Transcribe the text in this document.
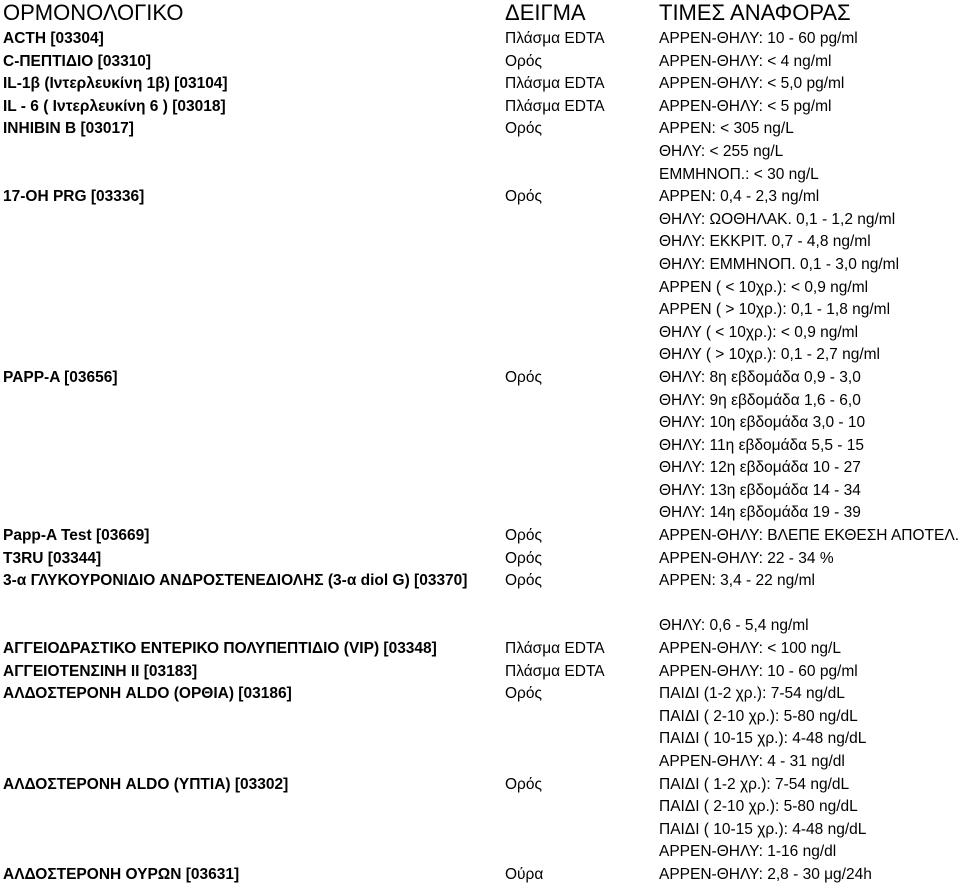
ΟΡΜΟΝΟΛΟΓΙΚΟ	ΔΕΙΓΜΑ	ΤΙΜΕΣ ΑΝΑΦΟΡΑΣ
ACTH [03304]	Πλάσμα EDTA	ΑΡΡΕΝ-ΘΗΛΥ: 10 - 60 pg/ml
C-ΠΕΠΤΙΔΙΟ [03310]	Ορός	ΑΡΡΕΝ-ΘΗΛΥ: < 4 ng/ml
IL-1β (Ιντερλευκίνη 1β) [03104]	Πλάσμα EDTA	ΑΡΡΕΝ-ΘΗΛΥ: < 5,0 pg/ml
IL - 6 ( Ιντερλευκίνη 6 ) [03018]	Πλάσμα EDTA	ΑΡΡΕΝ-ΘΗΛΥ: < 5 pg/ml
INHIBIN B [03017]	Ορός	ΑΡΡΕΝ: < 305 ng/L
ΘΗΛΥ: < 255 ng/L
ΕΜΜΗΝΟΠ.: < 30 ng/L
17-OH PRG [03336]	Ορός	ΑΡΡΕΝ: 0,4 - 2,3 ng/ml
ΘΗΛΥ: ΩΟΘΗΛΑΚ. 0,1 - 1,2 ng/ml
ΘΗΛΥ: ΕΚΚΡΙΤ. 0,7 - 4,8 ng/ml
ΘΗΛΥ: ΕΜΜΗΝΟΠ. 0,1 - 3,0 ng/ml
ΑΡΡΕΝ ( < 10χρ.): < 0,9 ng/ml
ΑΡΡΕΝ ( > 10χρ.): 0,1 - 1,8 ng/ml
ΘΗΛΥ ( < 10χρ.): < 0,9 ng/ml
ΘΗΛΥ ( > 10χρ.): 0,1 - 2,7 ng/ml
PAPP-A [03656]	Ορός	ΘΗΛΥ: 8η εβδομάδα 0,9 - 3,0
ΘΗΛΥ: 9η εβδομάδα 1,6 - 6,0
ΘΗΛΥ: 10η εβδομάδα 3,0 - 10
ΘΗΛΥ: 11η εβδομάδα 5,5 - 15
ΘΗΛΥ: 12η εβδομάδα 10 - 27
ΘΗΛΥ: 13η εβδομάδα 14 - 34
ΘΗΛΥ: 14η εβδομάδα 19 - 39
Papp-A Test [03669]	Ορός	ΑΡΡΕΝ-ΘΗΛΥ: ΒΛΕΠΕ ΕΚΘΕΣΗ ΑΠΟΤΕΛ.
T3RU [03344]	Ορός	ΑΡΡΕΝ-ΘΗΛΥ: 22 - 34 %
3-α ΓΛΥΚΟΥΡΟΝΙΔΙΟ ΑΝΔΡΟΣΤΕΝΕΔΙΟΛΗΣ (3-α diol G) [03370] Ορός	ΑΡΡΕΝ: 3,4 - 22 ng/ml
ΘΗΛΥ: 0,6 - 5,4 ng/ml
ΑΓΓΕΙΟΔΡΑΣΤΙΚΟ ΕΝΤΕΡΙΚΟ ΠΟΛΥΠΕΠΤΙΔΙΟ (VIP) [03348]	Πλάσμα EDTA	ΑΡΡΕΝ-ΘΗΛΥ: < 100 ng/L
ΑΓΓΕΙΟΤΕΝΣΙΝΗ II [03183]	Πλάσμα EDTA	ΑΡΡΕΝ-ΘΗΛΥ: 10 - 60 pg/ml
ΑΛΔΟΣΤΕΡΟΝΗ ALDO (ΟΡΘΙΑ) [03186]	Ορός	ΠΑΙΔΙ (1-2 χρ.): 7-54 ng/dL
ΠΑΙΔΙ ( 2-10 χρ.): 5-80 ng/dL
ΠΑΙΔΙ ( 10-15 χρ.): 4-48 ng/dL
ΑΡΡΕΝ-ΘΗΛΥ: 4 - 31 ng/dl
ΑΛΔΟΣΤΕΡΟΝΗ ALDO (ΥΠΤΙΑ) [03302]	Ορός	ΠΑΙΔΙ ( 1-2 χρ.): 7-54 ng/dL
ΠΑΙΔΙ ( 2-10 χρ.): 5-80 ng/dL
ΠΑΙΔΙ ( 10-15 χρ.): 4-48 ng/dL
ΑΡΡΕΝ-ΘΗΛΥ: 1-16 ng/dl
ΑΛΔΟΣΤΕΡΟΝΗ ΟΥΡΩΝ [03631]	Ούρα	ΑΡΡΕΝ-ΘΗΛΥ: 2,8 - 30 μg/24h
